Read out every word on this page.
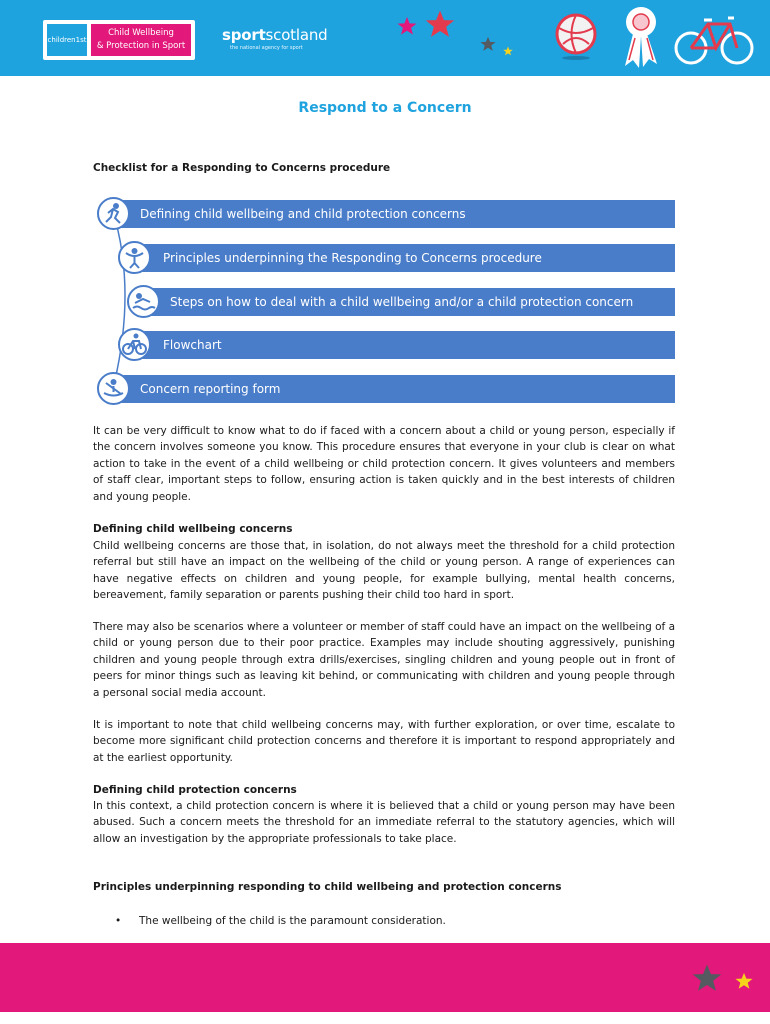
children1st
Child Wellbeing
& Protection in Sport
sportscotland
the national agency for sport
Respond to a Concern
Checklist for a Responding to Concerns procedure
Defining child wellbeing and child protection concerns
Principles underpinning the Responding to Concerns procedure
Steps on how to deal with a child wellbeing and/or a child protection concern
Flowchart
Concern reporting form

It can be very difficult to know what to do if faced with a concern about a child or young person, especially if the concern involves someone you know. This procedure ensures that everyone in your club is clear on what action to take in the event of a child wellbeing or child protection concern. It gives volunteers and members of staff clear, important steps to follow, ensuring action is taken quickly and in the best interests of children and young people.

Defining child wellbeing concerns

Child wellbeing concerns are those that, in isolation, do not always meet the threshold for a child protection referral but still have an impact on the wellbeing of the child or young person. A range of experiences can have negative effects on children and young people, for example bullying, mental health concerns, bereavement, family separation or parents pushing their child too hard in sport.

There may also be scenarios where a volunteer or member of staff could have an impact on the wellbeing of a child or young person due to their poor practice. Examples may include shouting aggressively, punishing children and young people through extra drills/exercises, singling children and young people out in front of peers for minor things such as leaving kit behind, or communicating with children and young people through a personal social media account.

It is important to note that child wellbeing concerns may, with further exploration, or over time, escalate to become more significant child protection concerns and therefore it is important to respond appropriately and at the earliest opportunity.

Defining child protection concerns

In this context, a child protection concern is where it is believed that a child or young person may have been abused. Such a concern meets the threshold for an immediate referral to the statutory agencies, which will allow an investigation by the appropriate professionals to take place.

Principles underpinning responding to child wellbeing and protection concerns
• The wellbeing of the child is the paramount consideration.
